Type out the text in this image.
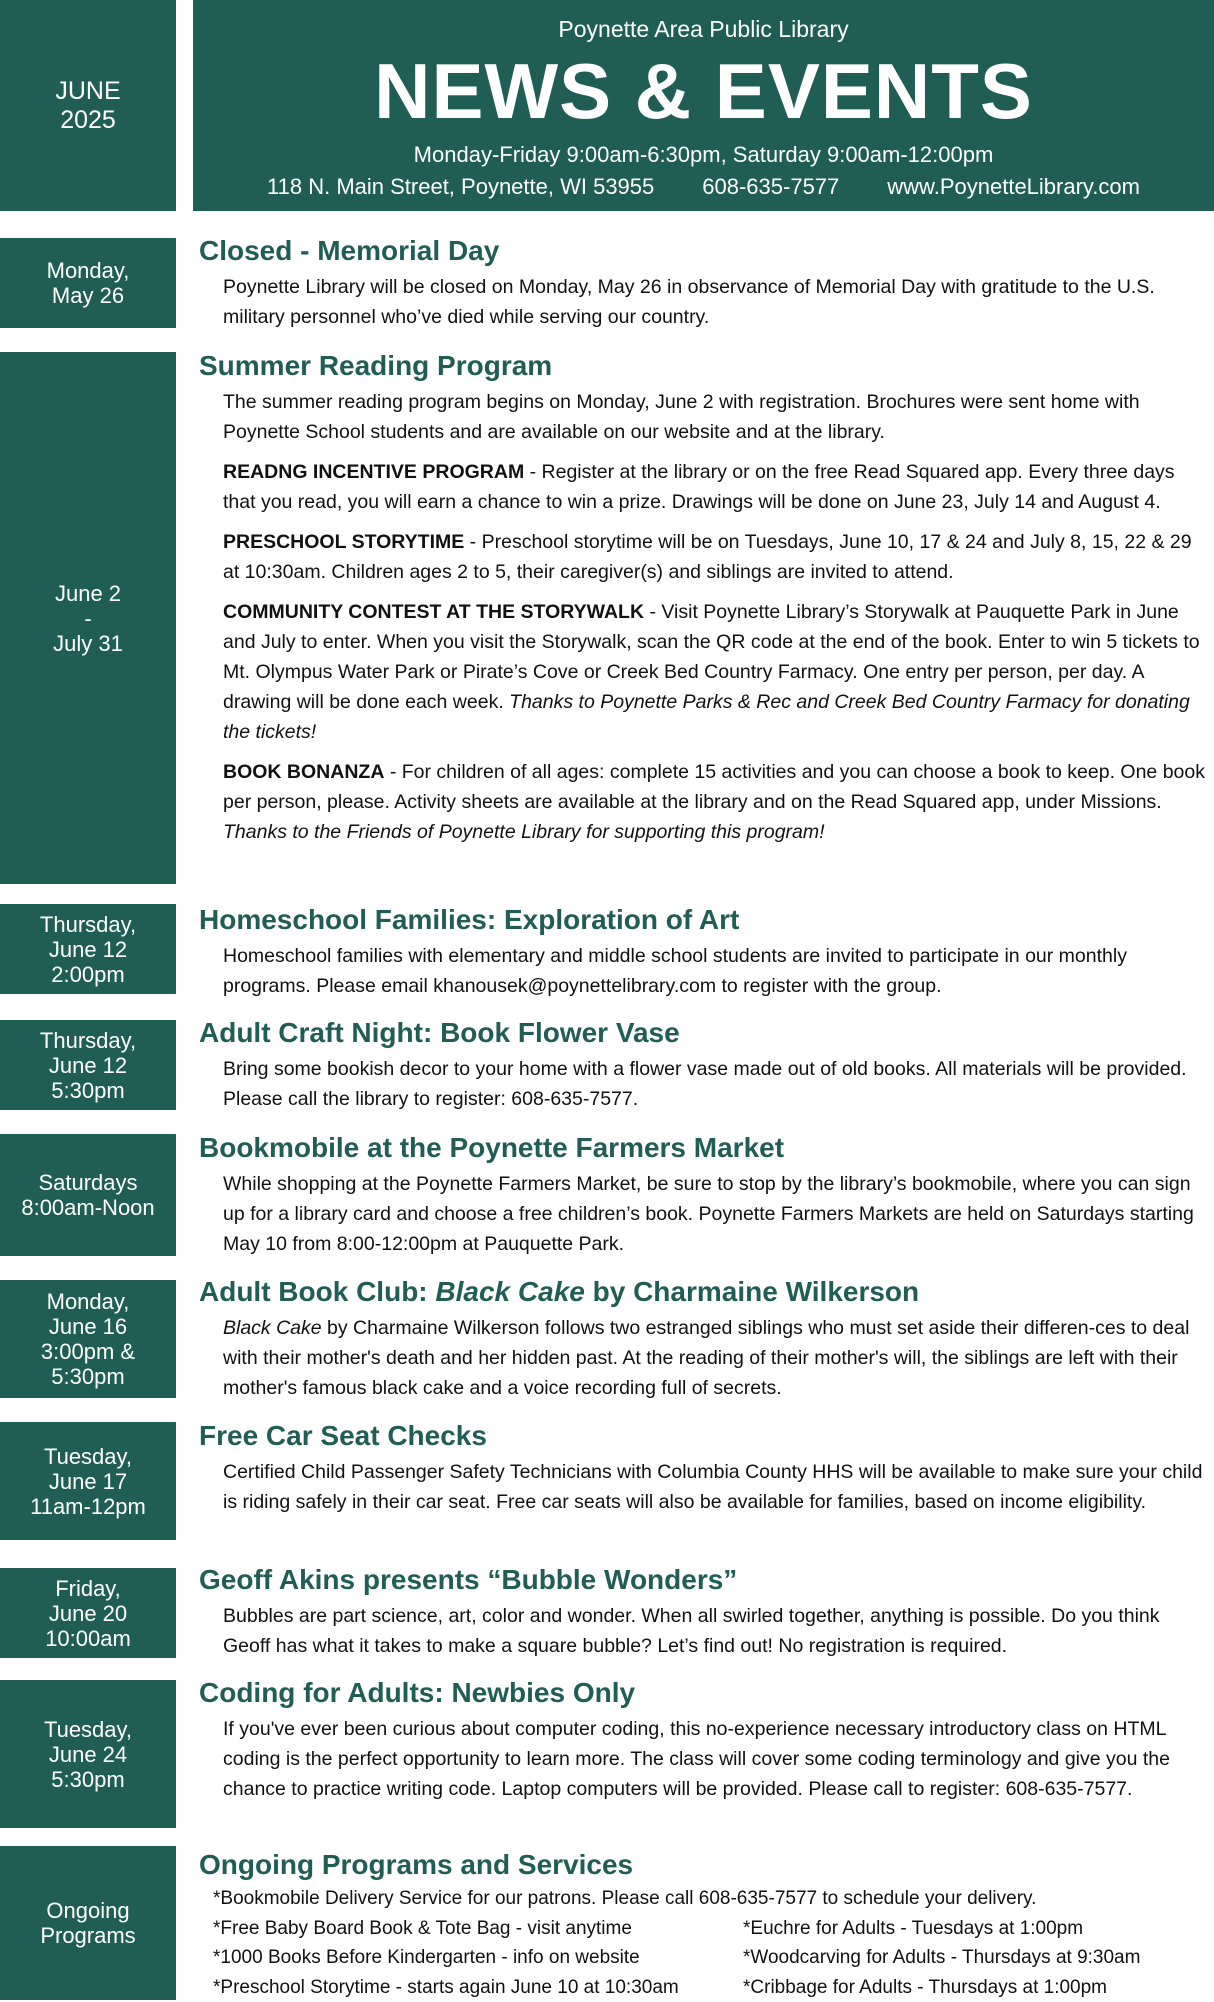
JUNE
2025
Poynette Area Public Library
NEWS & EVENTS
Monday-Friday 9:00am-6:30pm, Saturday 9:00am-12:00pm
118 N. Main Street, Poynette, WI 53955 608-635-7577 www.PoynetteLibrary.com
Monday,
May 26
Closed - Memorial Day

Poynette Library will be closed on Monday, May 26 in observance of Memorial Day with gratitude to the U.S. military personnel who’ve died while serving our country.

June 2
-
July 31
Summer Reading Program

The summer reading program begins on Monday, June 2 with registration. Brochures were sent home with Poynette School students and are available on our website and at the library.

READNG INCENTIVE PROGRAM - Register at the library or on the free Read Squared app. Every three days that you read, you will earn a chance to win a prize. Drawings will be done on June 23, July 14 and August 4.

PRESCHOOL STORYTIME - Preschool storytime will be on Tuesdays, June 10, 17 & 24 and July 8, 15, 22 & 29 at 10:30am. Children ages 2 to 5, their caregiver(s) and siblings are invited to attend.

COMMUNITY CONTEST AT THE STORYWALK - Visit Poynette Library’s Storywalk at Pauquette Park in June and July to enter. When you visit the Storywalk, scan the QR code at the end of the book. Enter to win 5 tickets to Mt. Olympus Water Park or Pirate’s Cove or Creek Bed Country Farmacy. One entry per person, per day. A drawing will be done each week. Thanks to Poynette Parks & Rec and Creek Bed Country Farmacy for donating the tickets!

BOOK BONANZA - For children of all ages: complete 15 activities and you can choose a book to keep. One book per person, please. Activity sheets are available at the library and on the Read Squared app, under Missions. Thanks to the Friends of Poynette Library for supporting this program!

Thursday,
June 12
2:00pm
Homeschool Families: Exploration of Art

Homeschool families with elementary and middle school students are invited to participate in our monthly programs. Please email khanousek@poynettelibrary.com to register with the group.

Thursday,
June 12
5:30pm
Adult Craft Night: Book Flower Vase

Bring some bookish decor to your home with a flower vase made out of old books. All materials will be provided. Please call the library to register: 608-635-7577.

Saturdays
8:00am-Noon
Bookmobile at the Poynette Farmers Market

While shopping at the Poynette Farmers Market, be sure to stop by the library’s bookmobile, where you can sign up for a library card and choose a free children’s book. Poynette Farmers Markets are held on Saturdays starting May 10 from 8:00-12:00pm at Pauquette Park.

Monday,
June 16
3:00pm &
5:30pm
Adult Book Club: Black Cake by Charmaine Wilkerson

Black Cake by Charmaine Wilkerson follows two estranged siblings who must set aside their differen-ces to deal with their mother's death and her hidden past. At the reading of their mother's will, the siblings are left with their mother's famous black cake and a voice recording full of secrets.

Tuesday,
June 17
11am-12pm
Free Car Seat Checks

Certified Child Passenger Safety Technicians with Columbia County HHS will be available to make sure your child is riding safely in their car seat. Free car seats will also be available for families, based on income eligibility.

Friday,
June 20
10:00am
Geoff Akins presents “Bubble Wonders”

Bubbles are part science, art, color and wonder. When all swirled together, anything is possible. Do you think Geoff has what it takes to make a square bubble? Let’s find out! No registration is required.

Tuesday,
June 24
5:30pm
Coding for Adults: Newbies Only

If you've ever been curious about computer coding, this no-experience necessary introductory class on HTML coding is the perfect opportunity to learn more. The class will cover some coding terminology and give you the chance to practice writing code. Laptop computers will be provided. Please call to register: 608-635-7577.

Ongoing
Programs
Ongoing Programs and Services
*Bookmobile Delivery Service for our patrons. Please call 608-635-7577 to schedule your delivery.
*Free Baby Board Book & Tote Bag - visit anytime
*1000 Books Before Kindergarten - info on website
*Preschool Storytime - starts again June 10 at 10:30am
*Euchre for Adults - Tuesdays at 1:00pm
*Woodcarving for Adults - Thursdays at 9:30am
*Cribbage for Adults - Thursdays at 1:00pm
